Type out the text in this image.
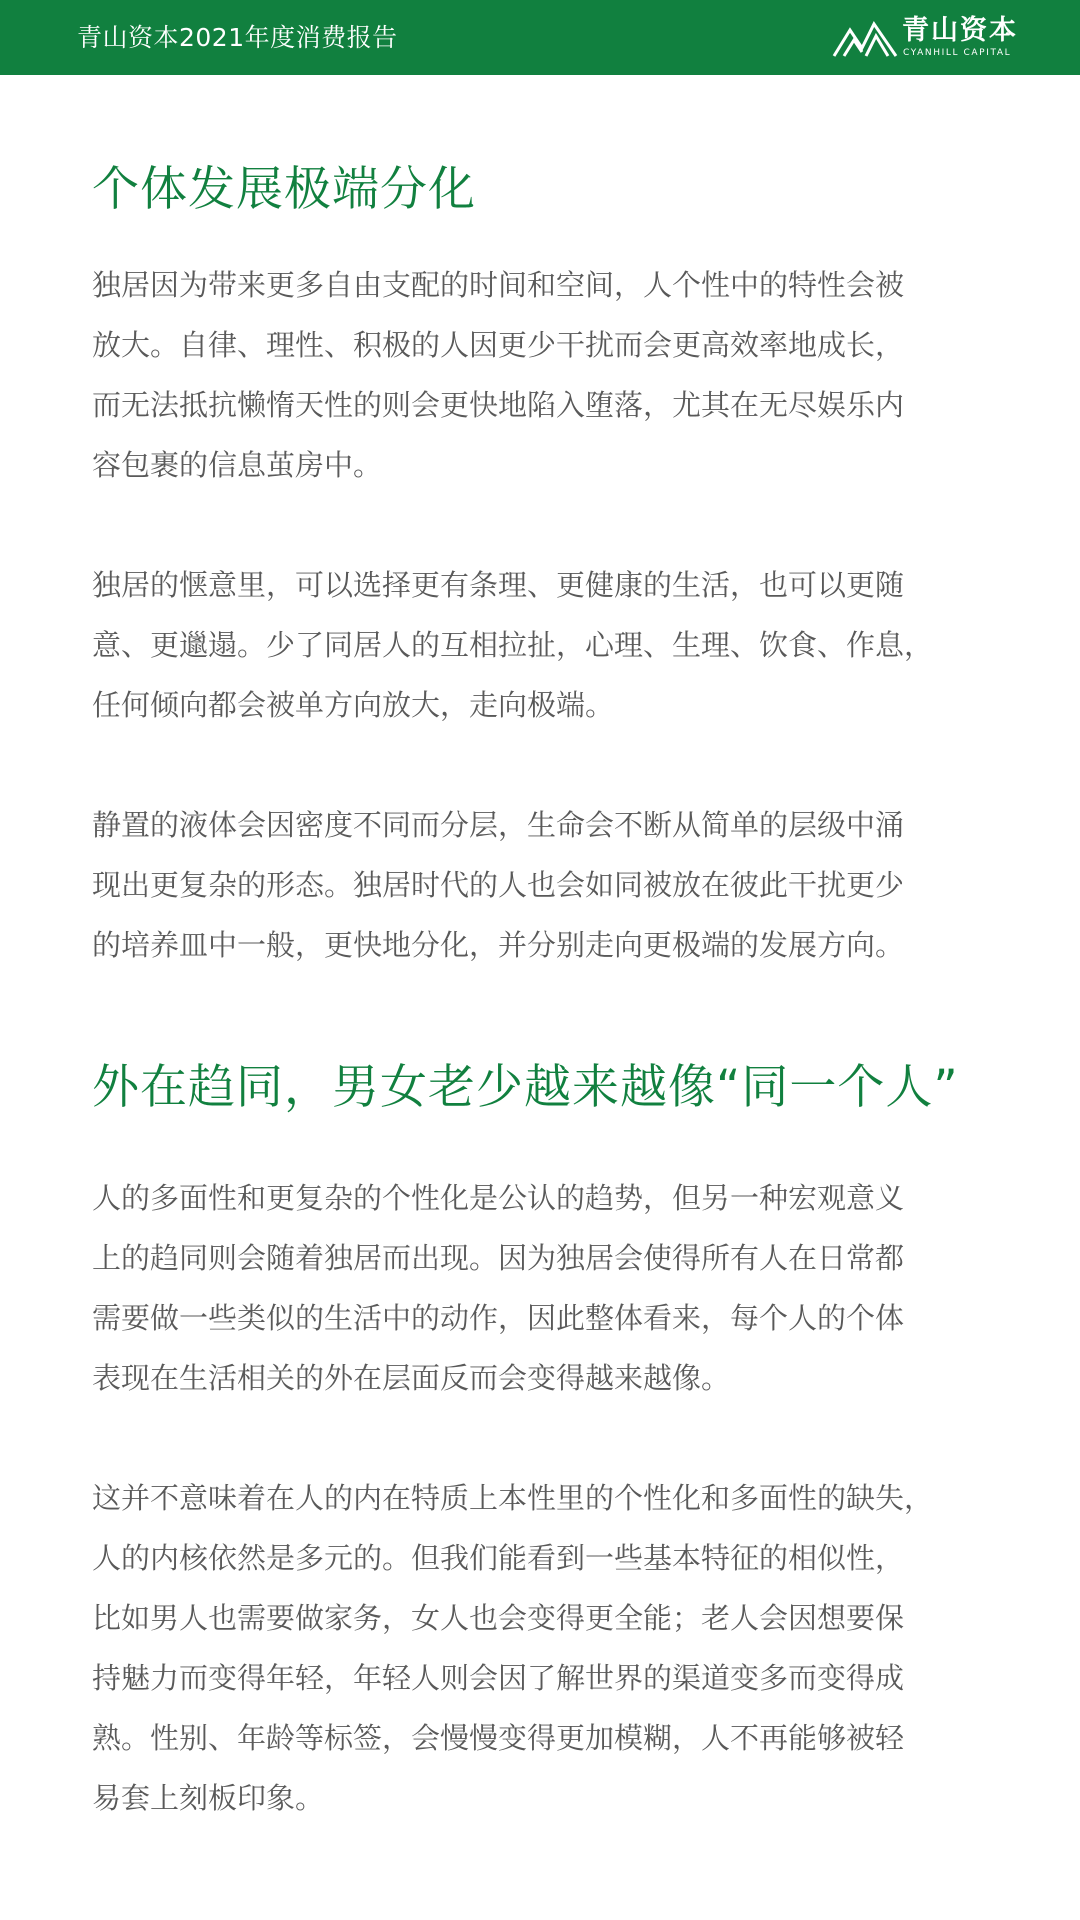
青山资本2021年度消费报告	青山资本
CYANHILL CAPITAL
个体发展极端分化
独居因为带来更多自由支配的时间和空间，人个性中的特性会被
放大。自律、理性、积极的人因更少干扰而会更高效率地成长，
而无法抵抗懒惰天性的则会更快地陷入堕落，尤其在无尽娱乐内
容包裹的信息茧房中。
独居的惬意里，可以选择更有条理、更健康的生活，也可以更随
意、更邋遢。少了同居人的互相拉扯，心理、生理、饮食、作息，
任何倾向都会被单方向放大，走向极端。
静置的液体会因密度不同而分层，生命会不断从简单的层级中涌
现出更复杂的形态。独居时代的人也会如同被放在彼此干扰更少
的培养皿中一般，更快地分化，并分别走向更极端的发展方向。
外在趋同，男女老少越来越像“同一个人”
人的多面性和更复杂的个性化是公认的趋势，但另一种宏观意义
上的趋同则会随着独居而出现。因为独居会使得所有人在日常都
需要做一些类似的生活中的动作，因此整体看来，每个人的个体
表现在生活相关的外在层面反而会变得越来越像。
这并不意味着在人的内在特质上本性里的个性化和多面性的缺失，
人的内核依然是多元的。但我们能看到一些基本特征的相似性，
比如男人也需要做家务，女人也会变得更全能；老人会因想要保
持魅力而变得年轻，年轻人则会因了解世界的渠道变多而变得成
熟。性别、年龄等标签，会慢慢变得更加模糊，人不再能够被轻
易套上刻板印象。
